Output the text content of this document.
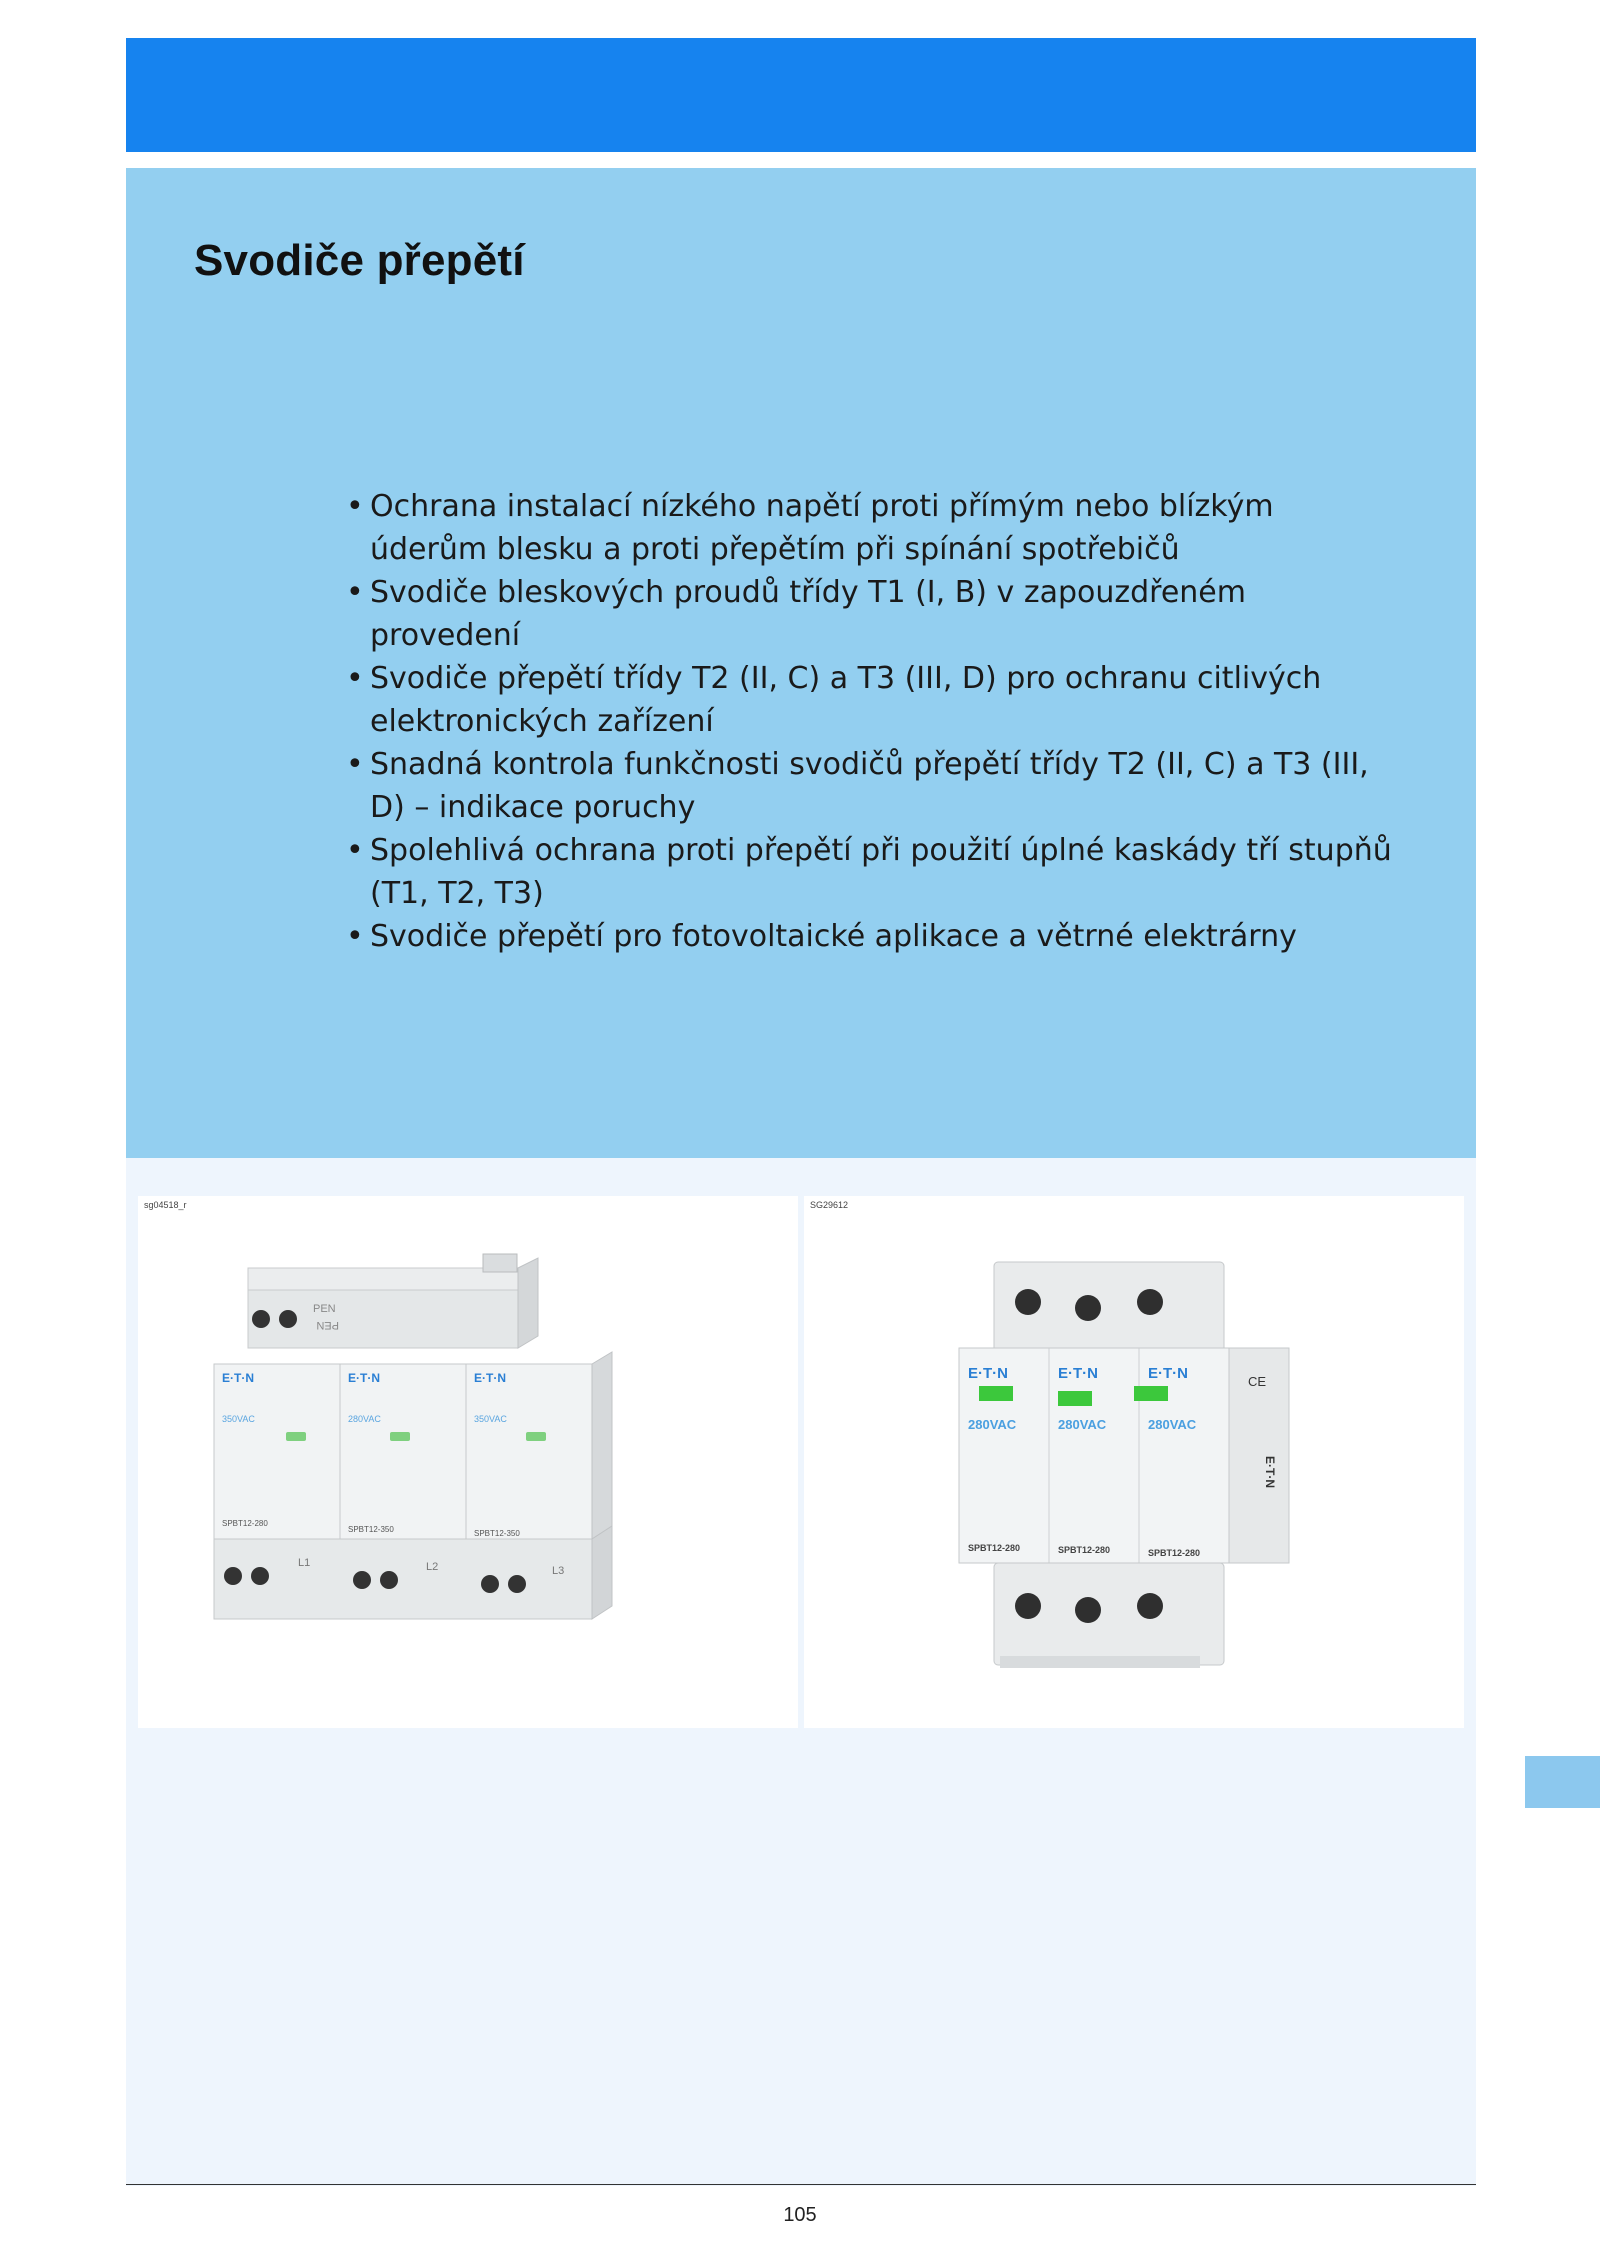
Svodiče přepětí
• Ochrana instalací nízkého napětí proti přímým nebo blízkým úderům blesku a proti přepětím při spínání spotřebičů
• Svodiče bleskových proudů třídy T1 (I, B) v zapouzdřeném provedení
• Svodiče přepětí třídy T2 (II, C) a T3 (III, D) pro ochranu citlivých elektronických zařízení
• Snadná kontrola funkčnosti svodičů přepětí třídy T2 (II, C) a T3 (III, D) – indikace poruchy
• Spolehlivá ochrana proti přepětí při použití úplné kaskády tří stupňů (T1, T2, T3)
• Svodiče přepětí pro fotovoltaické aplikace a větrné elektrárny
PEN
PEN
E·T·N
350VAC
SPBT12-280
E·T·N
280VAC
SPBT12-350
E·T·N
350VAC
SPBT12-350
L1	L2	L3
sg04518_r
E·T·N	E·T·N	E·T·N
280VAC	280VAC	280VAC
SPBT12-280	SPBT12-280	SPBT12-280
CE
E·T·N
SG29612
105
